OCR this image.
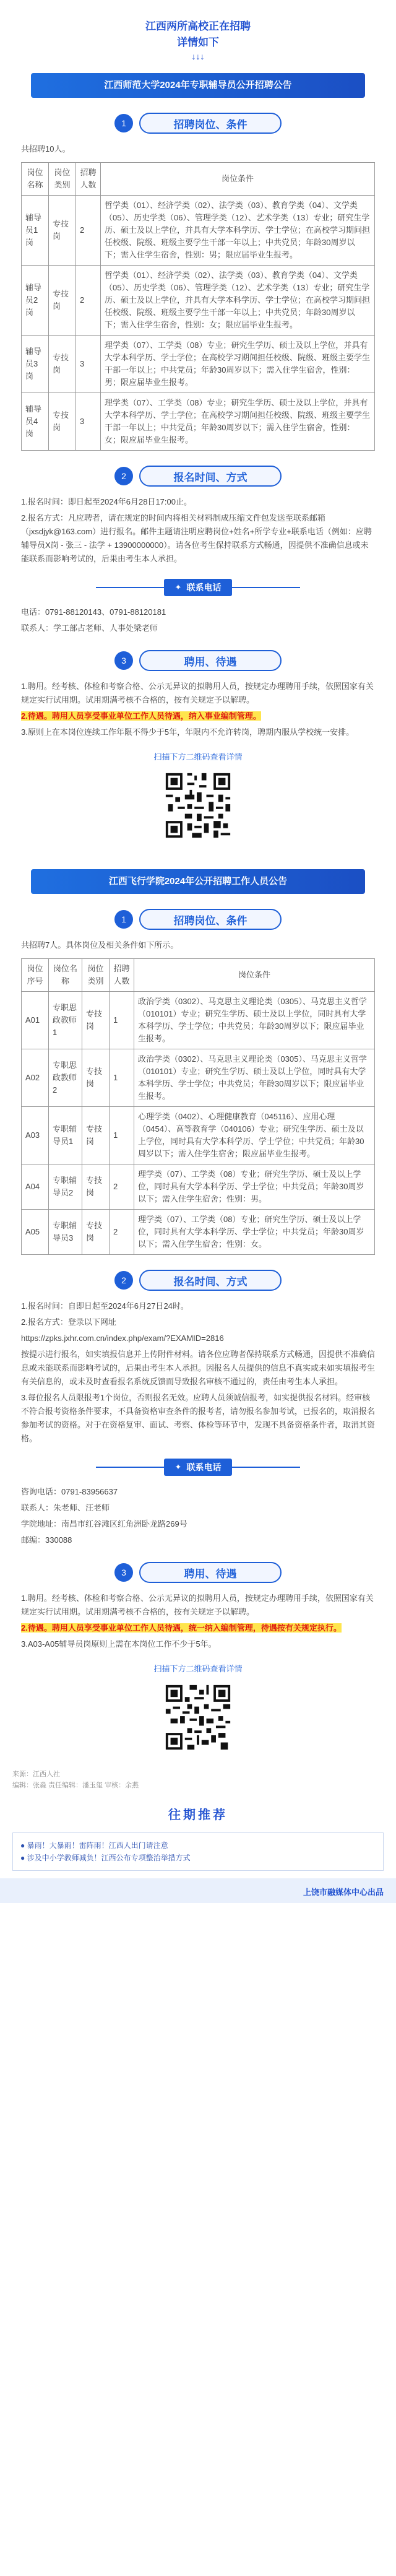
江西两所高校正在招聘
详情如下
↓↓↓
江西师范大学2024年专职辅导员公开招聘公告
1	招聘岗位、条件

共招聘10人。

岗位名称	岗位类别	招聘人数	岗位条件
辅导员1岗	专技岗	2	哲学类（01）、经济学类（02）、法学类（03）、教育学类（04）、文学类（05）、历史学类（06）、管理学类（12）、艺术学类（13）专业；研究生学历、硕士及以上学位，并具有大学本科学历、学士学位；在高校学习期间担任校级、院级、班级主要学生干部一年以上；中共党员；年龄30周岁以下；需入住学生宿舍，性别：男；限应届毕业生报考。
辅导员2岗	专技岗	2	哲学类（01）、经济学类（02）、法学类（03）、教育学类（04）、文学类（05）、历史学类（06）、管理学类（12）、艺术学类（13）专业；研究生学历、硕士及以上学位，并具有大学本科学历、学士学位；在高校学习期间担任校级、院级、班级主要学生干部一年以上；中共党员；年龄30周岁以下；需入住学生宿舍，性别：女；限应届毕业生报考。
辅导员3岗	专技岗	3	理学类（07）、工学类（08）专业；研究生学历、硕士及以上学位，并具有大学本科学历、学士学位；在高校学习期间担任校级、院级、班级主要学生干部一年以上；中共党员；年龄30周岁以下；需入住学生宿舍，性别：男；限应届毕业生报考。
辅导员4岗	专技岗	3	理学类（07）、工学类（08）专业；研究生学历、硕士及以上学位，并具有大学本科学历、学士学位；在高校学习期间担任校级、院级、班级主要学生干部一年以上；中共党员；年龄30周岁以下；需入住学生宿舍，性别：女；限应届毕业生报考。
2	报名时间、方式

1.报名时间：即日起至2024年6月28日17:00止。

2.报名方式：凡应聘者，请在规定的时间内将相关材料制成压缩文件包发送至联系邮箱（jxsdjyk@163.com）进行报名。邮件主题请注明应聘岗位+姓名+所学专业+联系电话（例如：应聘辅导员X岗 - 张三 - 法学 + 13900000000）。请各位考生保持联系方式畅通，因提供不准确信息或未能联系而影响考试的，后果由考生本人承担。

✦ 联系电话

电话：0791-88120143、0791-88120181

联系人：学工部占老师、人事处梁老师

3	聘用、待遇

1.聘用。经考核、体检和考察合格、公示无异议的拟聘用人员，按规定办理聘用手续，依照国家有关规定实行试用期。试用期满考核不合格的，按有关规定予以解聘。

2.待遇。聘用人员享受事业单位工作人员待遇，纳入事业编制管理。

3.原则上在本岗位连续工作年限不得少于5年，年限内不允许转岗，聘期内服从学校统一安排。

扫描下方二维码查看详情
江西飞行学院2024年公开招聘工作人员公告
1	招聘岗位、条件

共招聘7人。具体岗位及相关条件如下所示。

岗位序号	岗位名称	岗位类别	招聘人数	岗位条件
A01	专职思政教师1	专技岗	1	政治学类（0302）、马克思主义理论类（0305）、马克思主义哲学（010101）专业；研究生学历、硕士及以上学位，同时具有大学本科学历、学士学位；中共党员；年龄30周岁以下；限应届毕业生报考。
A02	专职思政教师2	专技岗	1	政治学类（0302）、马克思主义理论类（0305）、马克思主义哲学（010101）专业；研究生学历、硕士及以上学位，同时具有大学本科学历、学士学位；中共党员；年龄30周岁以下；限应届毕业生报考。
A03	专职辅导员1	专技岗	1	心理学类（0402）、心理健康教育（045116）、应用心理（0454）、高等教育学（040106）专业；研究生学历、硕士及以上学位，同时具有大学本科学历、学士学位；中共党员；年龄30周岁以下；需入住学生宿舍；限应届毕业生报考。
A04	专职辅导员2	专技岗	2	理学类（07）、工学类（08）专业；研究生学历、硕士及以上学位，同时具有大学本科学历、学士学位；中共党员；年龄30周岁以下；需入住学生宿舍；性别：男。
A05	专职辅导员3	专技岗	2	理学类（07）、工学类（08）专业；研究生学历、硕士及以上学位，同时具有大学本科学历、学士学位；中共党员；年龄30周岁以下；需入住学生宿舍；性别：女。
2	报名时间、方式

1.报名时间：自即日起至2024年6月27日24时。

2.报名方式：登录以下网址

https://zpks.jxhr.com.cn/index.php/exam/?EXAMID=2816

按提示进行报名，如实填报信息并上传附件材料。请各位应聘者保持联系方式畅通，因提供不准确信息或未能联系而影响考试的，后果由考生本人承担。因报名人员提供的信息不真实或未如实填报考生有关信息的，或未及时查看报名系统反馈而导致报名审核不通过的，责任由考生本人承担。

3.每位报名人员限报考1个岗位，否则报名无效。应聘人员须诚信报考，如实提供报名材料。经审核不符合报考资格条件要求，不具备资格审查条件的报考者，请勿报名参加考试，已报名的，取消报名参加考试的资格。对于在资格复审、面试、考察、体检等环节中，发现不具备资格条件者，取消其资格。

✦ 联系电话

咨询电话：0791-83956637

联系人：朱老师、汪老师

学院地址：南昌市红谷滩区红角洲卧龙路269号

邮编：330088

3	聘用、待遇

1.聘用。经考核、体检和考察合格、公示无异议的拟聘用人员，按规定办理聘用手续，依照国家有关规定实行试用期。试用期满考核不合格的，按有关规定予以解聘。

2.待遇。聘用人员享受事业单位工作人员待遇，统一纳入编制管理，待遇按有关规定执行。

3.A03-A05辅导员岗原则上需在本岗位工作不少于5年。

扫描下方二维码查看详情

来源：江西人社

编辑：张淼 责任编辑：潘玉玺 审核：余燕

往期推荐

● 暴雨！大暴雨！雷阵雨！江西人出门请注意

● 涉及中小学教师减负！江西公布专项整治举措方式

上饶市融媒体中心出品
